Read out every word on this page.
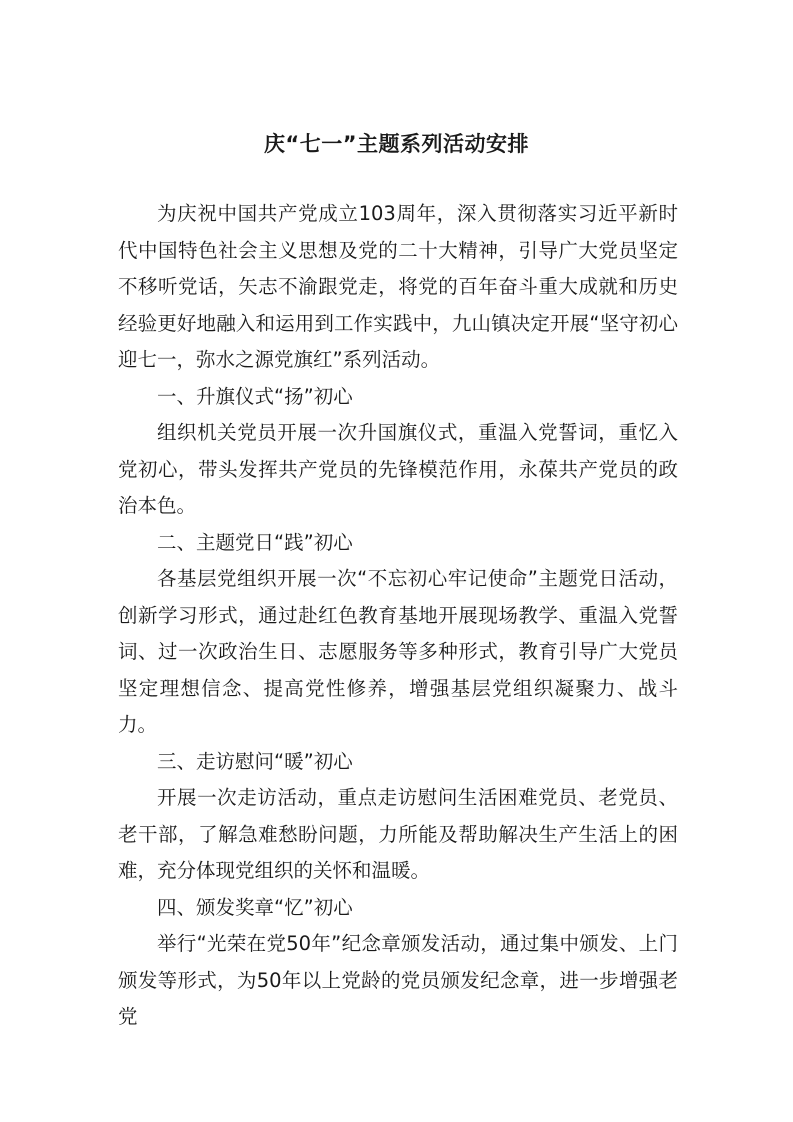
庆“七一”主题系列活动安排

为庆祝中国共产党成立103周年，深入贯彻落实习近平新时代中国特色社会主义思想及党的二十大精神，引导广大党员坚定不移听党话，矢志不渝跟党走，将党的百年奋斗重大成就和历史经验更好地融入和运用到工作实践中，九山镇决定开展“坚守初心迎七一，弥水之源党旗红”系列活动。

一、升旗仪式“扬”初心

组织机关党员开展一次升国旗仪式，重温入党誓词，重忆入党初心，带头发挥共产党员的先锋模范作用，永葆共产党员的政治本色。

二、主题党日“践”初心

各基层党组织开展一次“不忘初心牢记使命”主题党日活动，创新学习形式，通过赴红色教育基地开展现场教学、重温入党誓词、过一次政治生日、志愿服务等多种形式，教育引导广大党员坚定理想信念、提高党性修养，增强基层党组织凝聚力、战斗力。

三、走访慰问“暖”初心

开展一次走访活动，重点走访慰问生活困难党员、老党员、老干部，了解急难愁盼问题，力所能及帮助解决生产生活上的困难，充分体现党组织的关怀和温暖。

四、颁发奖章“忆”初心

举行“光荣在党50年”纪念章颁发活动，通过集中颁发、上门颁发等形式，为50年以上党龄的党员颁发纪念章，进一步增强老党
